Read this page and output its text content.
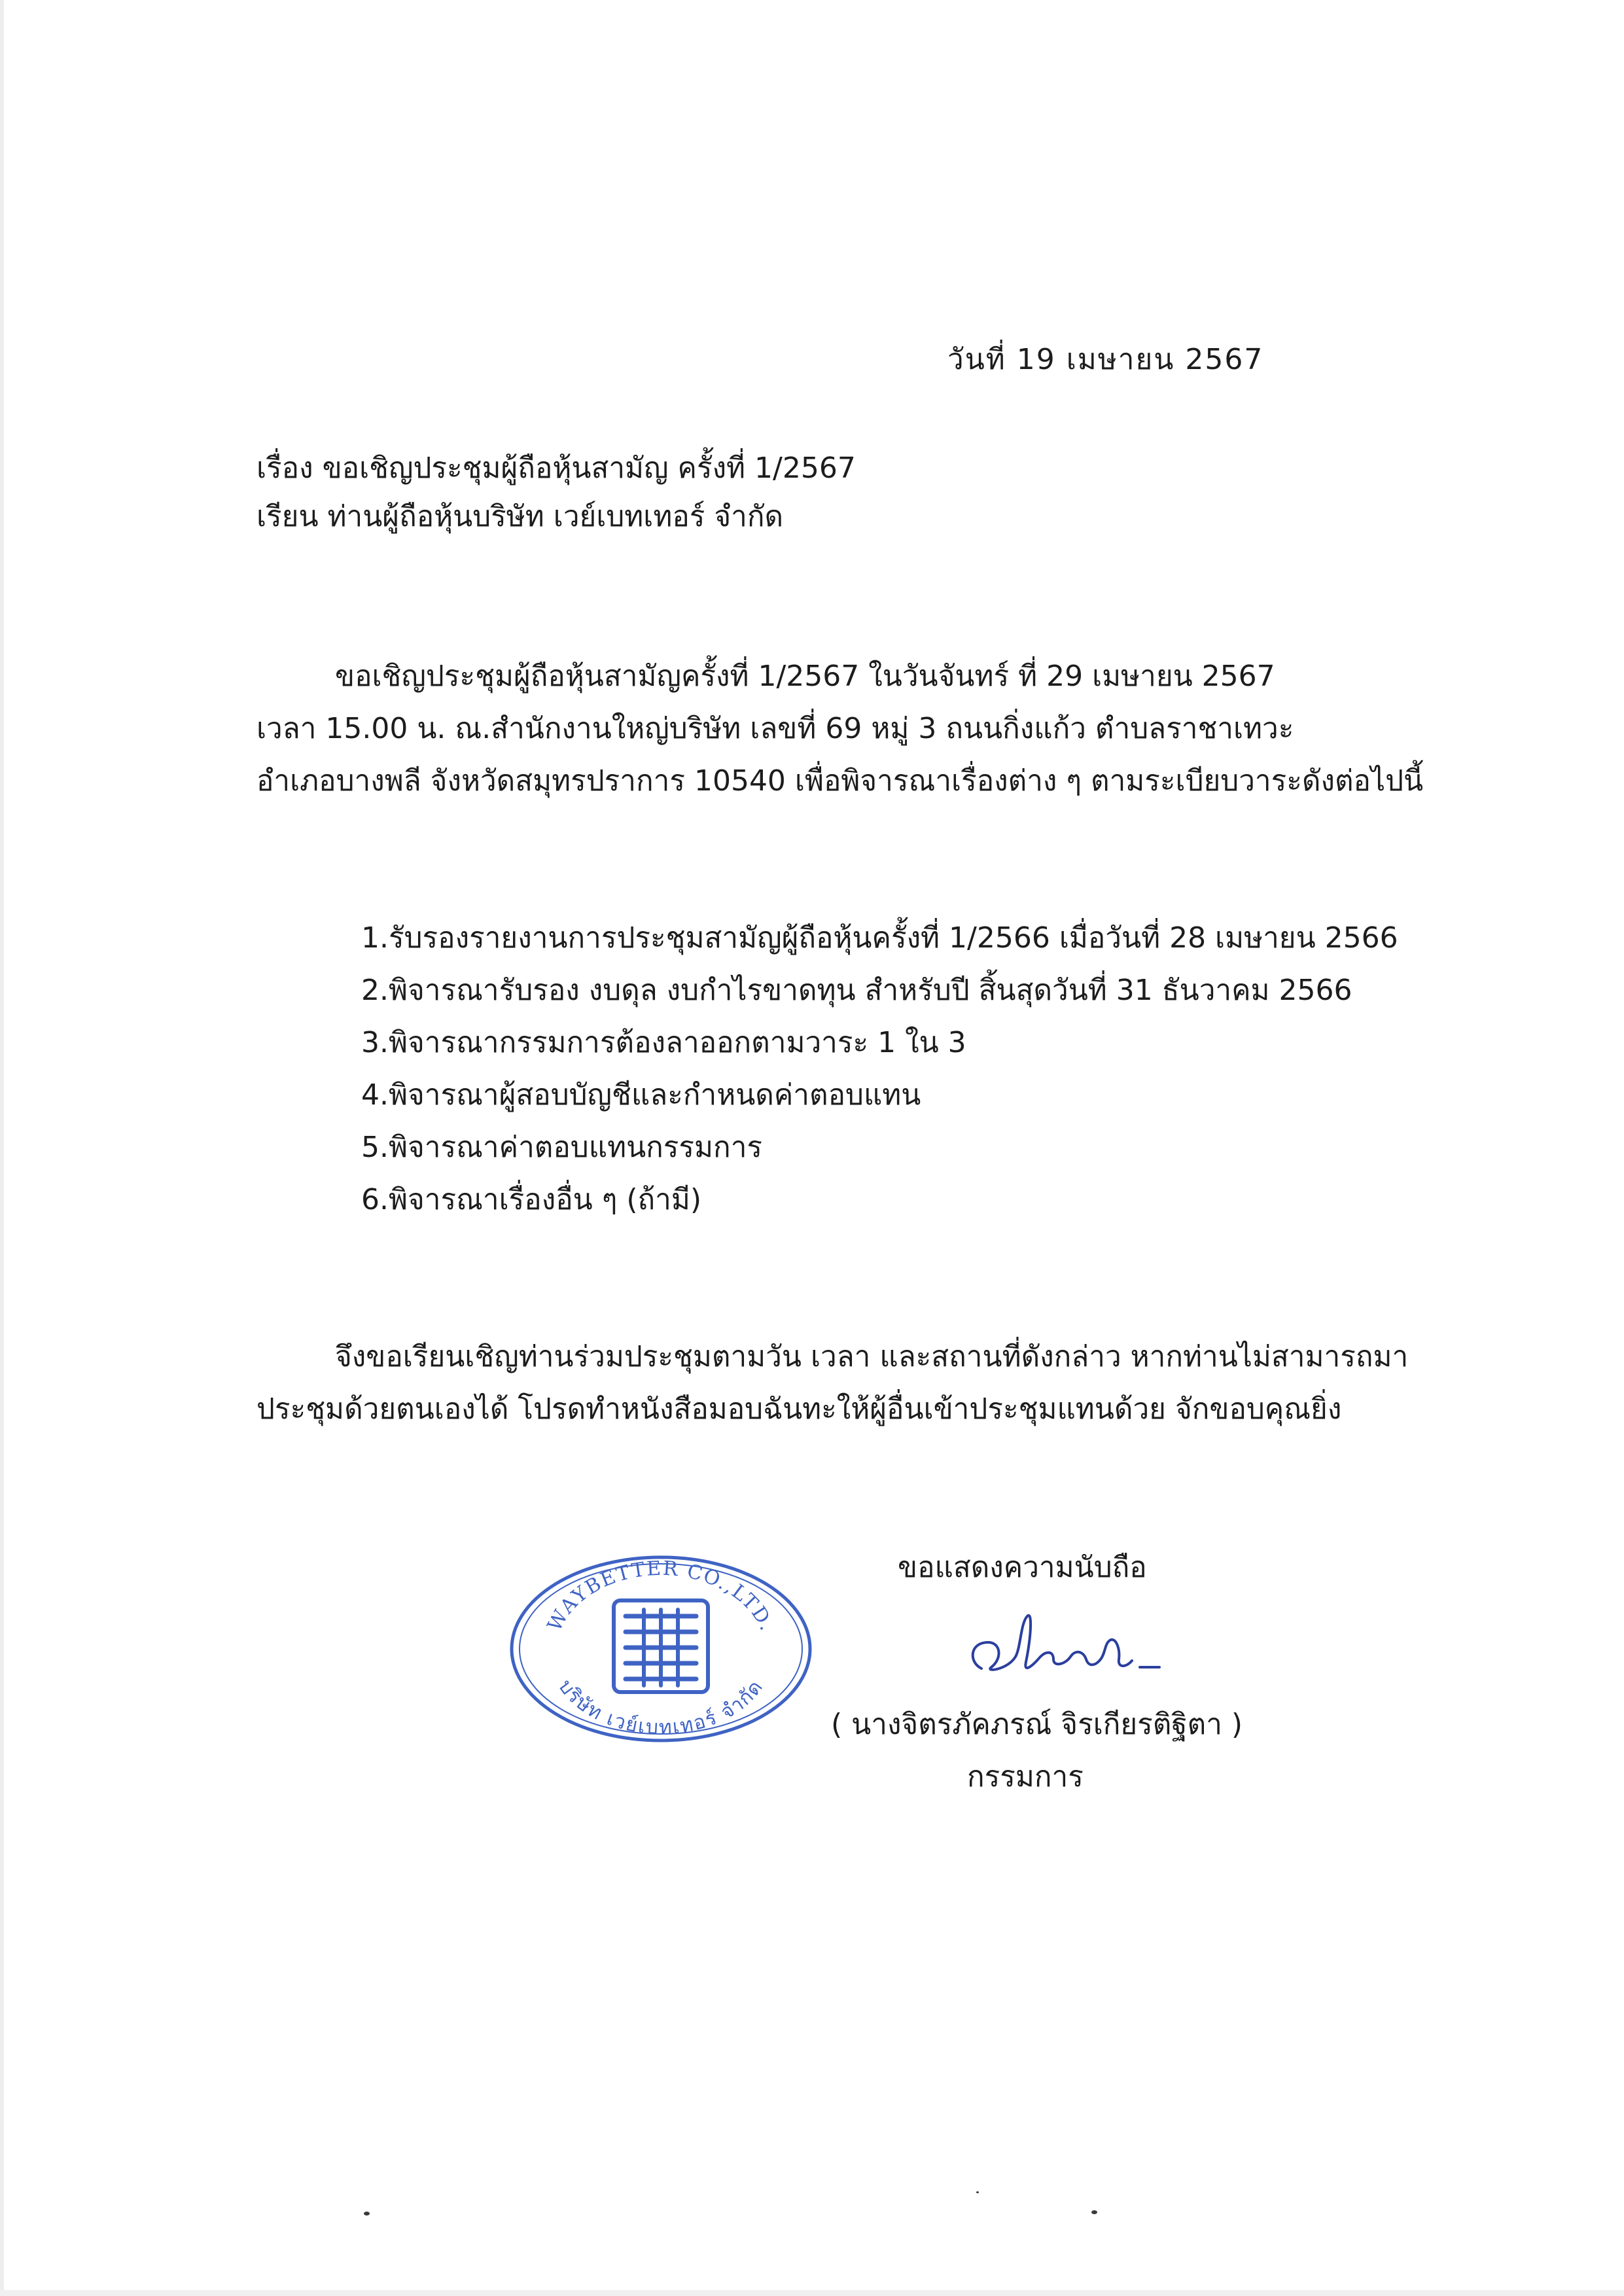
วันที่ 19 เมษายน 2567
เรื่อง ขอเชิญประชุมผู้ถือหุ้นสามัญ ครั้งที่ 1/2567
เรียน ท่านผู้ถือหุ้นบริษัท เวย์เบทเทอร์ จำกัด
ขอเชิญประชุมผู้ถือหุ้นสามัญครั้งที่ 1/2567 ในวันจันทร์ ที่ 29 เมษายน 2567
เวลา 15.00 น. ณ.สำนักงานใหญ่บริษัท เลขที่ 69 หมู่ 3 ถนนกิ่งแก้ว ตำบลราชาเทวะ
อำเภอบางพลี จังหวัดสมุทรปราการ 10540 เพื่อพิจารณาเรื่องต่าง ๆ ตามระเบียบวาระดังต่อไปนี้
1.รับรองรายงานการประชุมสามัญผู้ถือหุ้นครั้งที่ 1/2566 เมื่อวันที่ 28 เมษายน 2566
2.พิจารณารับรอง งบดุล งบกำไรขาดทุน สำหรับปี สิ้นสุดวันที่ 31 ธันวาคม 2566
3.พิจารณากรรมการต้องลาออกตามวาระ 1 ใน 3
4.พิจารณาผู้สอบบัญชีและกำหนดค่าตอบแทน
5.พิจารณาค่าตอบแทนกรรมการ
6.พิจารณาเรื่องอื่น ๆ (ถ้ามี)
จึงขอเรียนเชิญท่านร่วมประชุมตามวัน เวลา และสถานที่ดังกล่าว หากท่านไม่สามารถมา
ประชุมด้วยตนเองได้ โปรดทำหนังสือมอบฉันทะให้ผู้อื่นเข้าประชุมแทนด้วย จักขอบคุณยิ่ง
ขอแสดงความนับถือ
WAYBETTER CO.,LTD.
บริษัท เวย์เบทเทอร์ จำกัด
( นางจิตรภัคภรณ์ จิรเกียรติฐิตา )
กรรมการ
